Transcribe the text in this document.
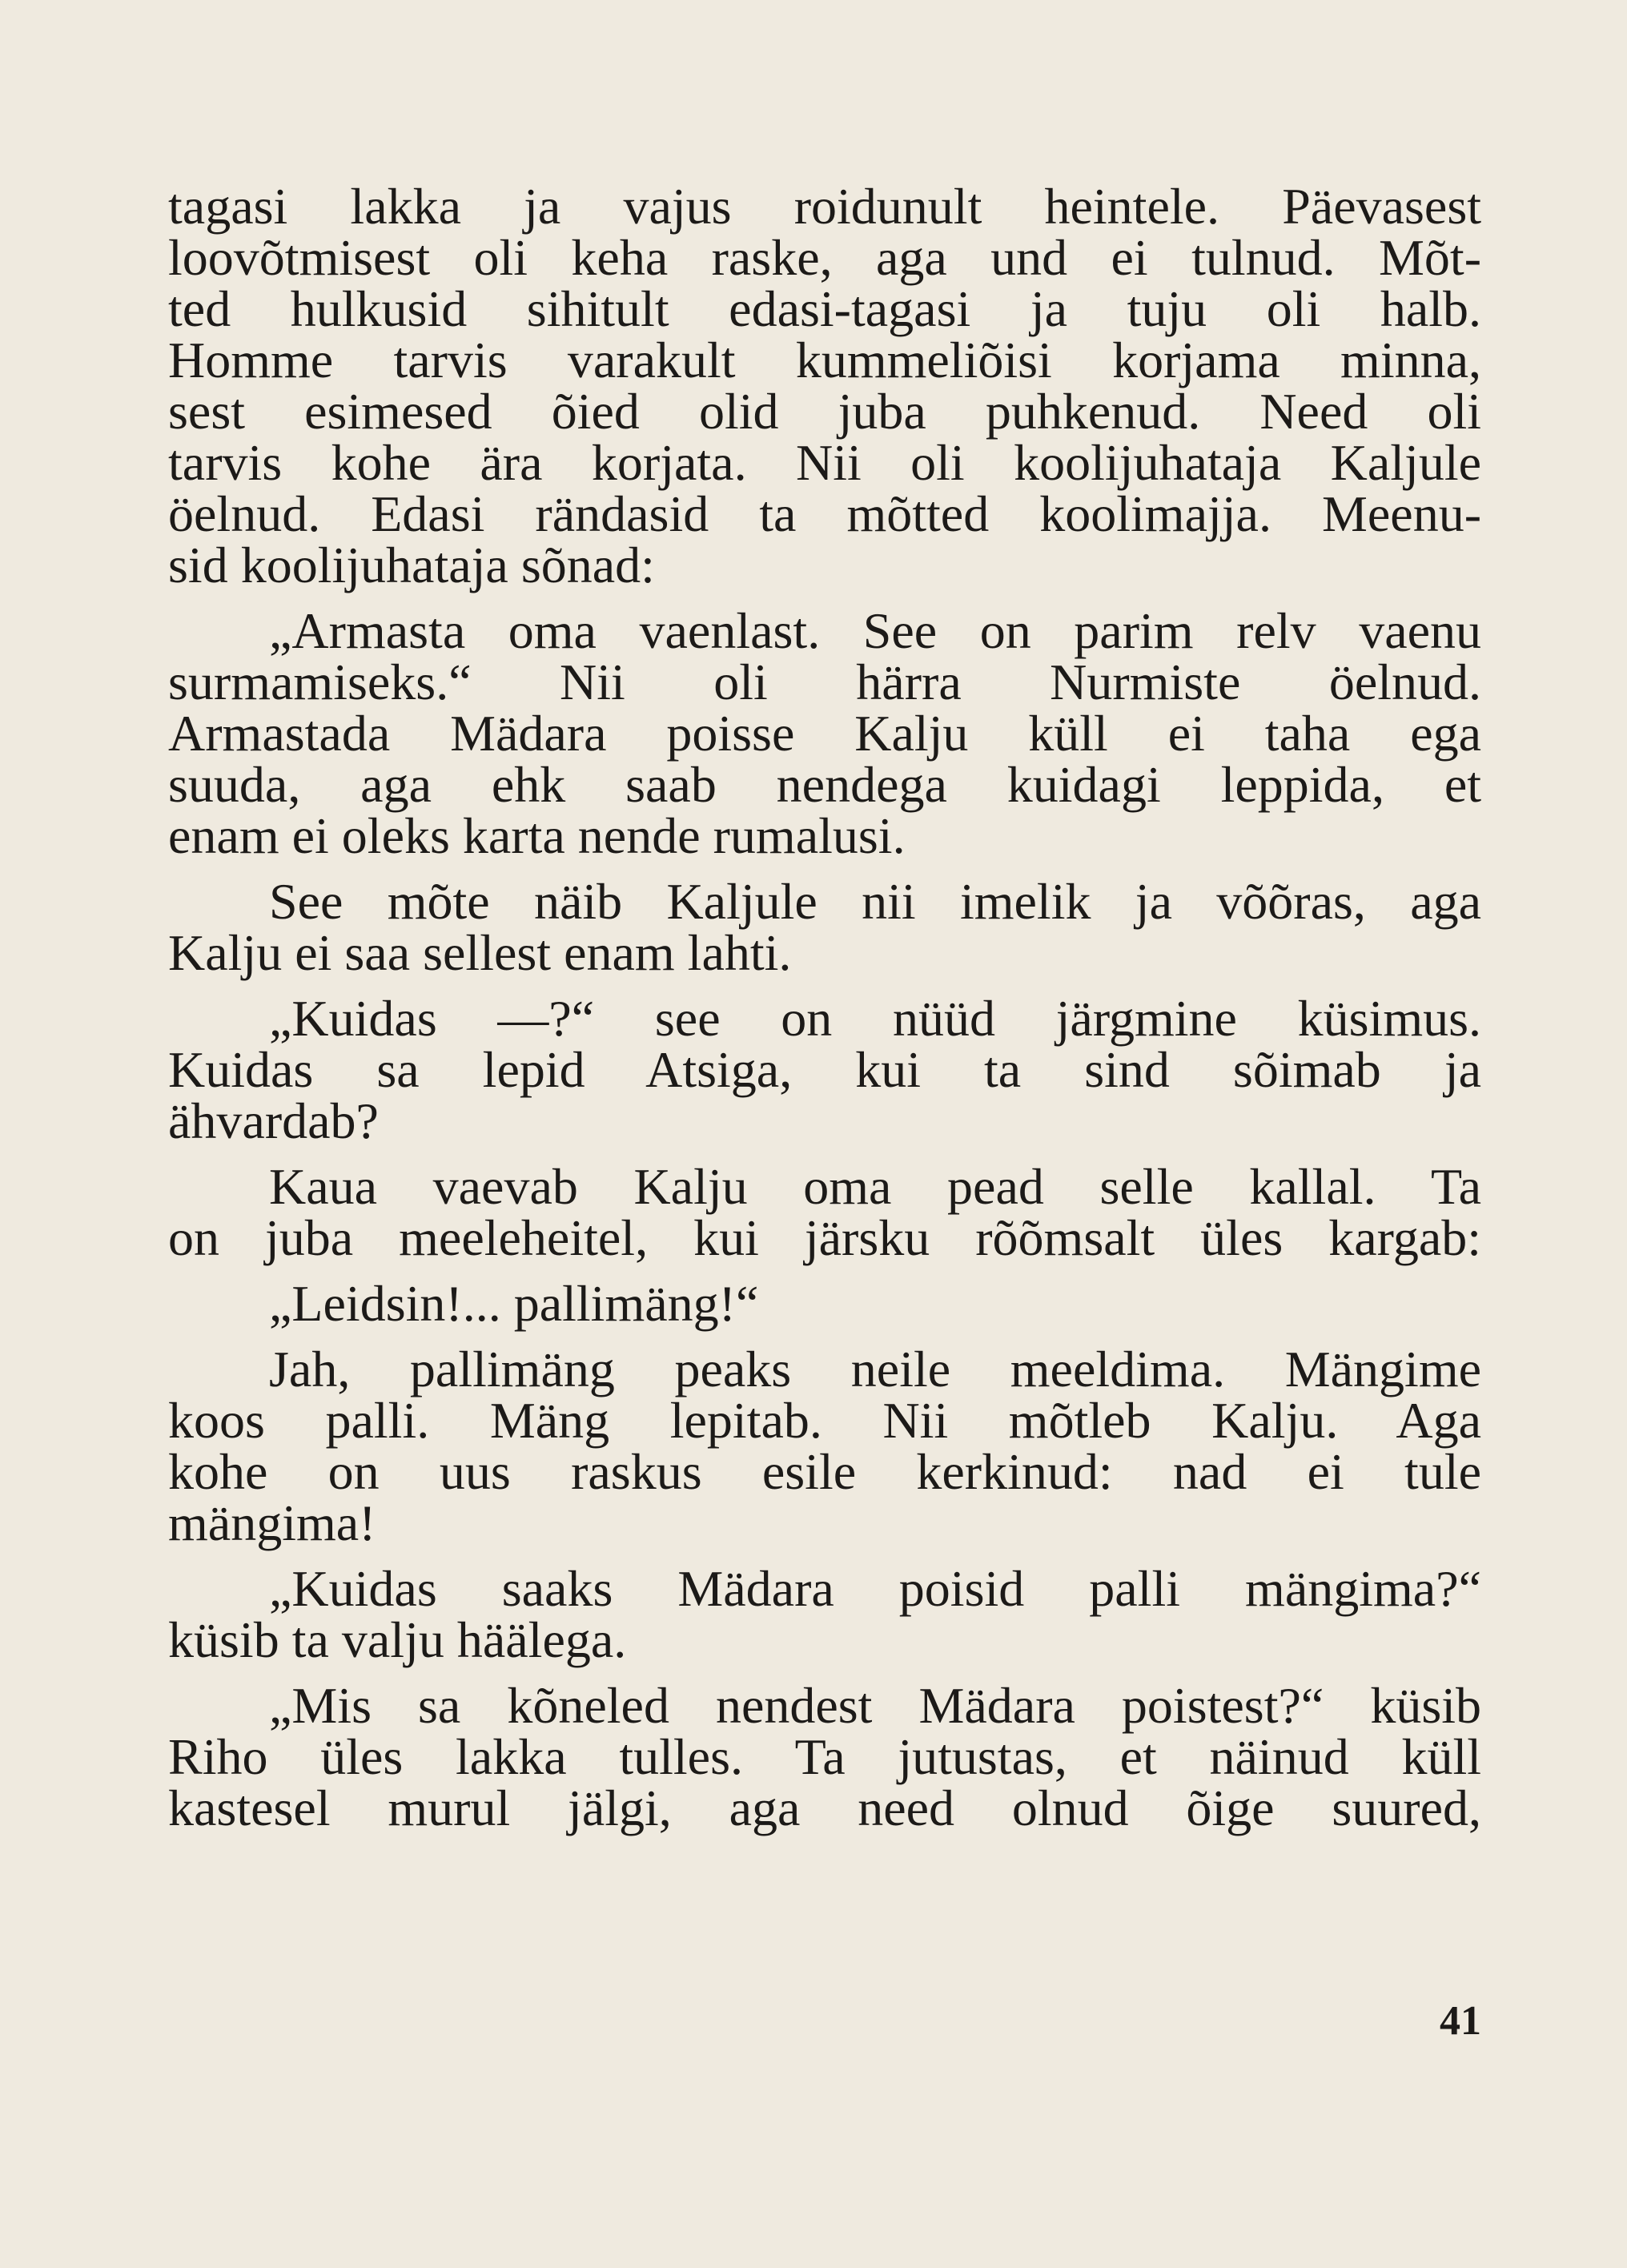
tagasi lakka ja vajus roidunult heintele. Päevasest
loovõtmisest oli keha raske, aga und ei tulnud. Mõt-
ted hulkusid sihitult edasi-tagasi ja tuju oli halb.
Homme tarvis varakult kummeliõisi korjama minna,
sest esimesed õied olid juba puhkenud. Need oli
tarvis kohe ära korjata. Nii oli koolijuhataja Kaljule
öelnud. Edasi rändasid ta mõtted koolimajja. Meenu-
sid koolijuhataja sõnad:
„Armasta oma vaenlast. See on parim relv vaenu
surmamiseks.“ Nii oli härra Nurmiste öelnud.
Armastada Mädara poisse Kalju küll ei taha ega
suuda, aga ehk saab nendega kuidagi leppida, et
enam ei oleks karta nende rumalusi.
See mõte näib Kaljule nii imelik ja võõras, aga
Kalju ei saa sellest enam lahti.
„Kuidas —?“ see on nüüd järgmine küsimus.
Kuidas sa lepid Atsiga, kui ta sind sõimab ja
ähvardab?
Kaua vaevab Kalju oma pead selle kallal. Ta
on juba meeleheitel, kui järsku rõõmsalt üles kargab:
„Leidsin!... pallimäng!“
Jah, pallimäng peaks neile meeldima. Mängime
koos palli. Mäng lepitab. Nii mõtleb Kalju. Aga
kohe on uus raskus esile kerkinud: nad ei tule
mängima!
„Kuidas saaks Mädara poisid palli mängima?“
küsib ta valju häälega.
„Mis sa kõneled nendest Mädara poistest?“ küsib
Riho üles lakka tulles. Ta jutustas, et näinud küll
kastesel murul jälgi, aga need olnud õige suured,
41
